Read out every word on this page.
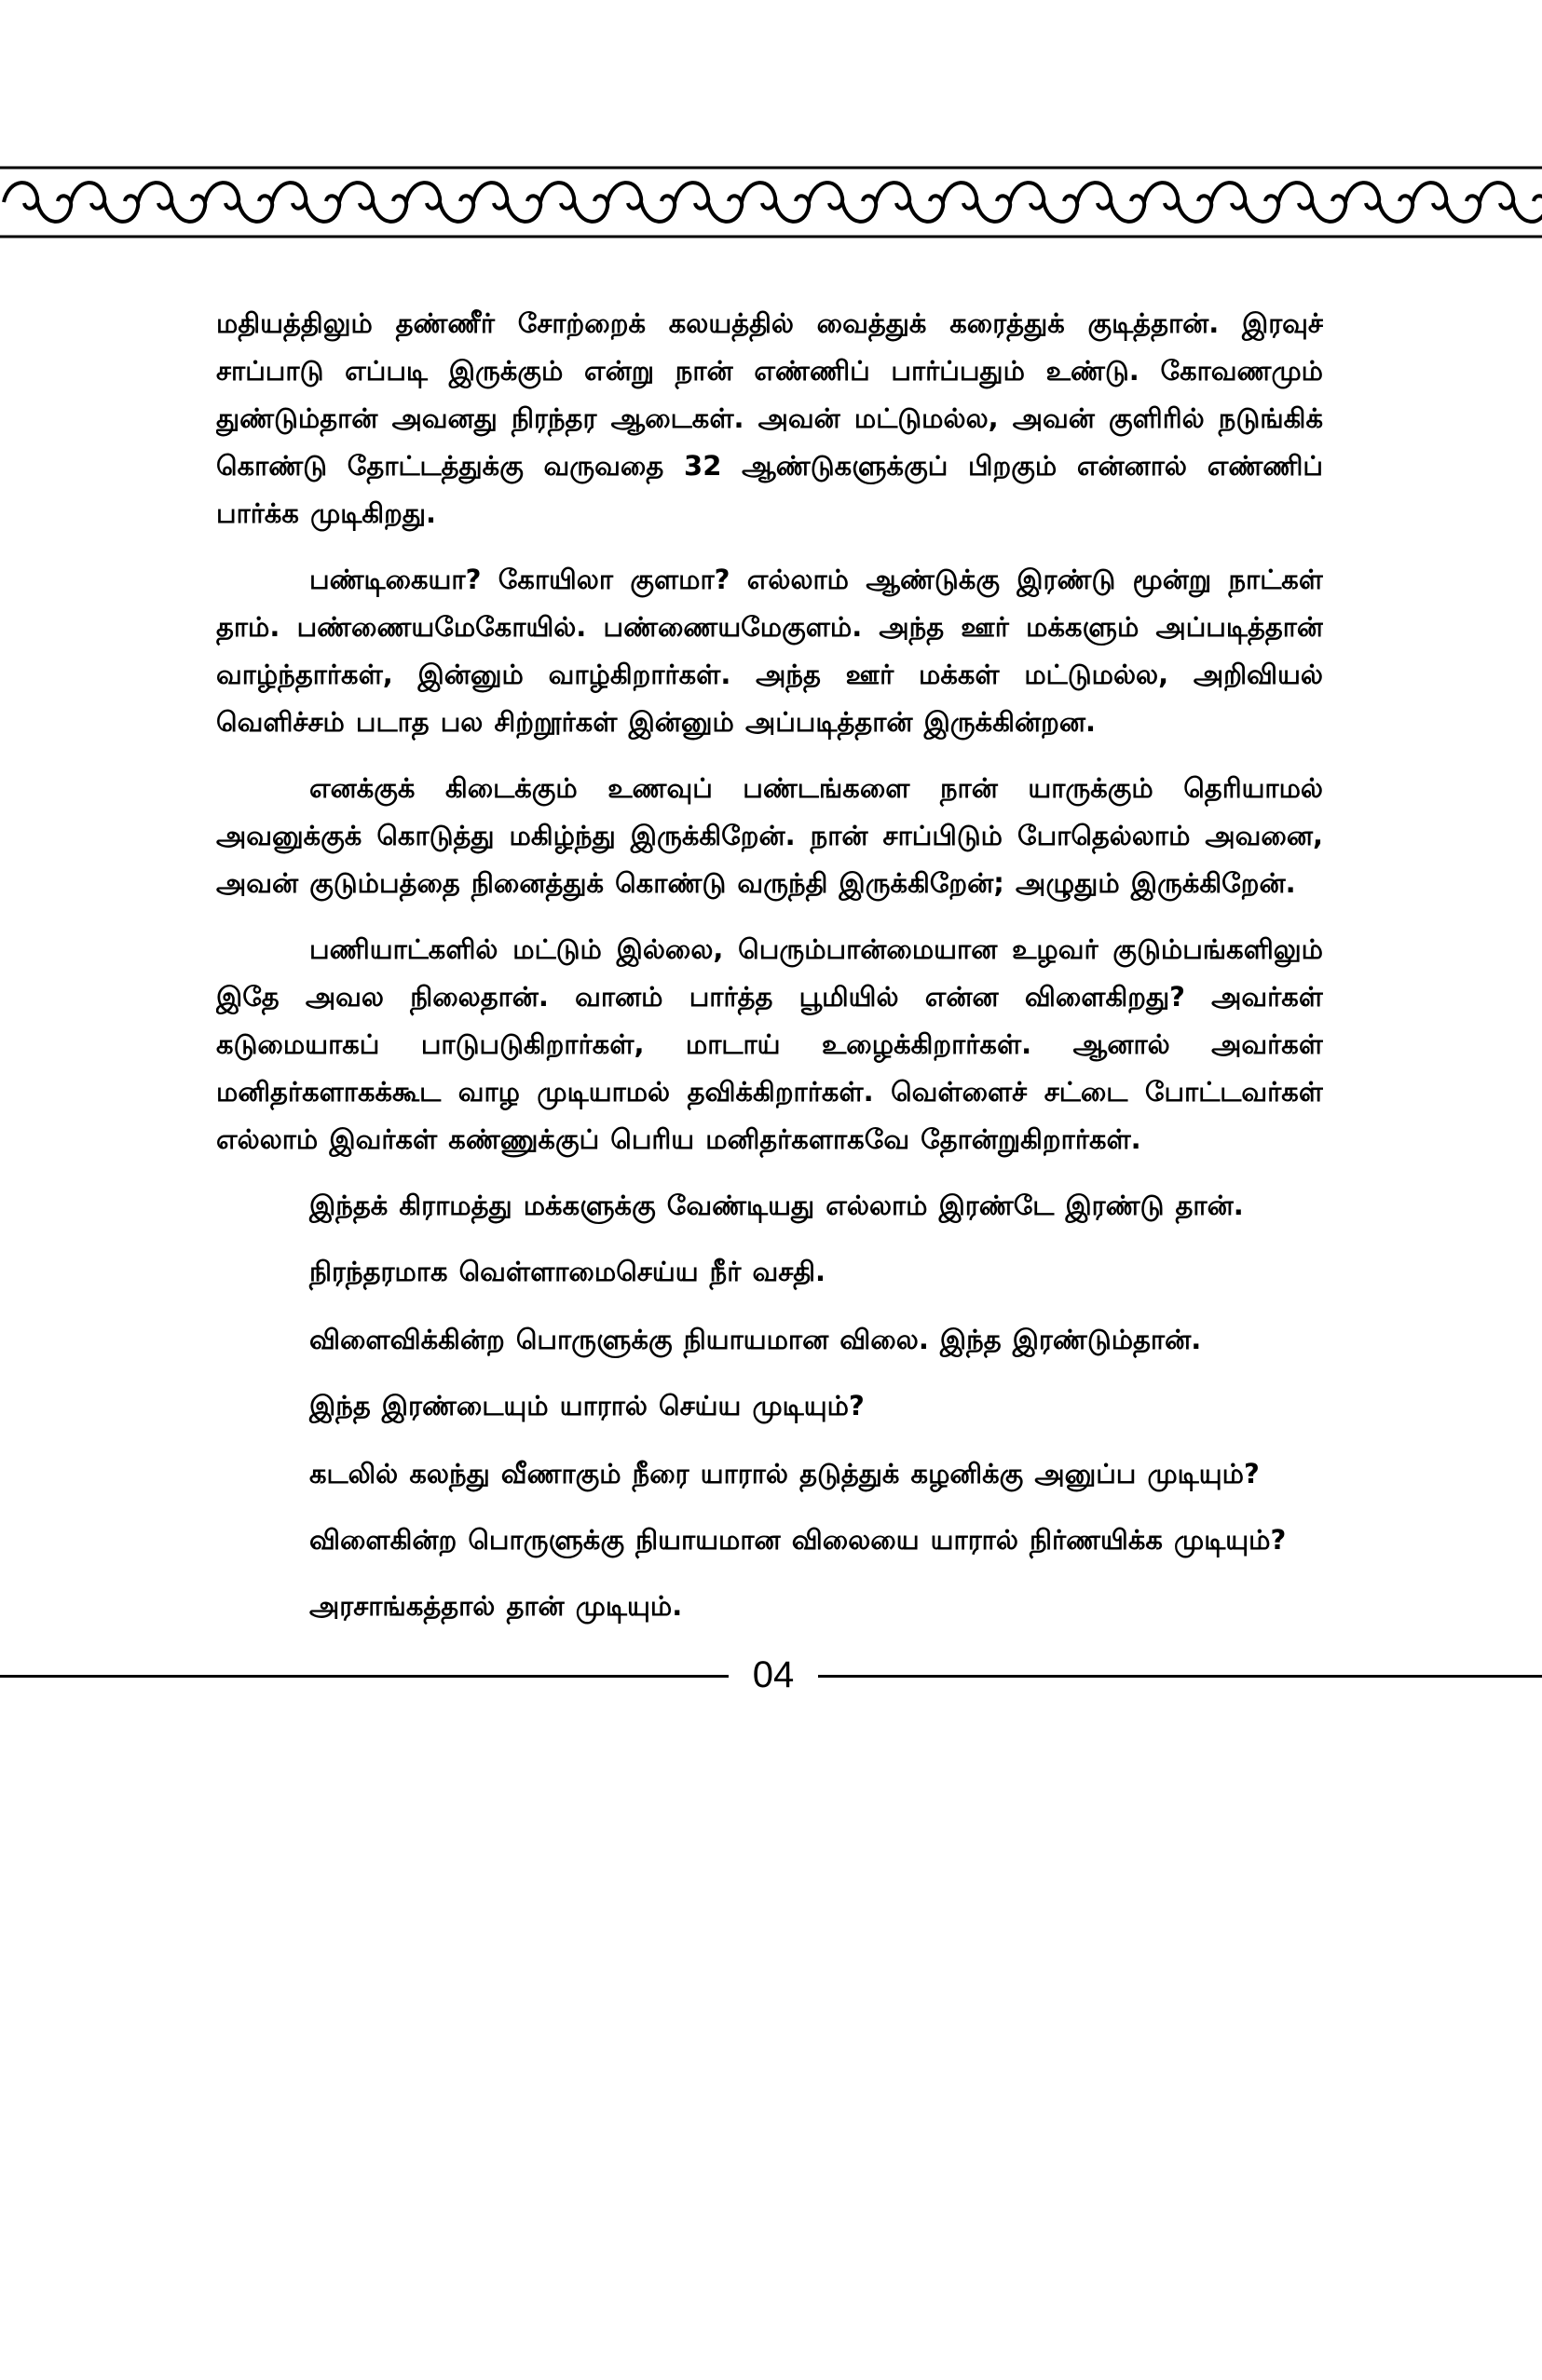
மதியத்திலும் தண்ணீர் சோற்றைக் கலயத்தில் வைத்துக் கரைத்துக் குடித்தான். இரவுச் சாப்பாடு எப்படி இருக்கும் என்று நான் எண்ணிப் பார்ப்பதும் உண்டு. கோவணமும் துண்டும்தான் அவனது நிரந்தர ஆடைகள். அவன் மட்டுமல்ல, அவன் குளிரில் நடுங்கிக் கொண்டு தோட்டத்துக்கு வருவதை 32 ஆண்டுகளுக்குப் பிறகும் என்னால் எண்ணிப் பார்க்க முடிகிறது.

பண்டிகையா? கோயிலா குளமா? எல்லாம் ஆண்டுக்கு இரண்டு மூன்று நாட்கள் தாம். பண்ணையமேகோயில். பண்ணையமேகுளம். அந்த ஊர் மக்களும் அப்படித்தான் வாழ்ந்தார்கள், இன்னும் வாழ்கிறார்கள். அந்த ஊர் மக்கள் மட்டுமல்ல, அறிவியல் வெளிச்சம் படாத பல சிற்றூர்கள் இன்னும் அப்படித்தான் இருக்கின்றன.

எனக்குக் கிடைக்கும் உணவுப் பண்டங்களை நான் யாருக்கும் தெரியாமல் அவனுக்குக் கொடுத்து மகிழ்ந்து இருக்கிறேன். நான் சாப்பிடும் போதெல்லாம் அவனை, அவன் குடும்பத்தை நினைத்துக் கொண்டு வருந்தி இருக்கிறேன்; அழுதும் இருக்கிறேன்.

பணியாட்களில் மட்டும் இல்லை, பெரும்பான்மையான உழவர் குடும்பங்களிலும் இதே அவல நிலைதான். வானம் பார்த்த பூமியில் என்ன விளைகிறது? அவர்கள் கடுமையாகப் பாடுபடுகிறார்கள், மாடாய் உழைக்கிறார்கள். ஆனால் அவர்கள் மனிதர்களாகக்கூட வாழ முடியாமல் தவிக்கிறார்கள். வெள்ளைச் சட்டை போட்டவர்கள் எல்லாம் இவர்கள் கண்ணுக்குப் பெரிய மனிதர்களாகவே தோன்றுகிறார்கள்.

இந்தக் கிராமத்து மக்களுக்கு வேண்டியது எல்லாம் இரண்டே இரண்டு தான்.

நிரந்தரமாக வெள்ளாமைசெய்ய நீர் வசதி.

விளைவிக்கின்ற பொருளுக்கு நியாயமான விலை. இந்த இரண்டும்தான்.

இந்த இரண்டையும் யாரால் செய்ய முடியும்?

கடலில் கலந்து வீணாகும் நீரை யாரால் தடுத்துக் கழனிக்கு அனுப்ப முடியும்?

விளைகின்ற பொருளுக்கு நியாயமான விலையை யாரால் நிர்ணயிக்க முடியும்?

அரசாங்கத்தால் தான் முடியும்.

04
